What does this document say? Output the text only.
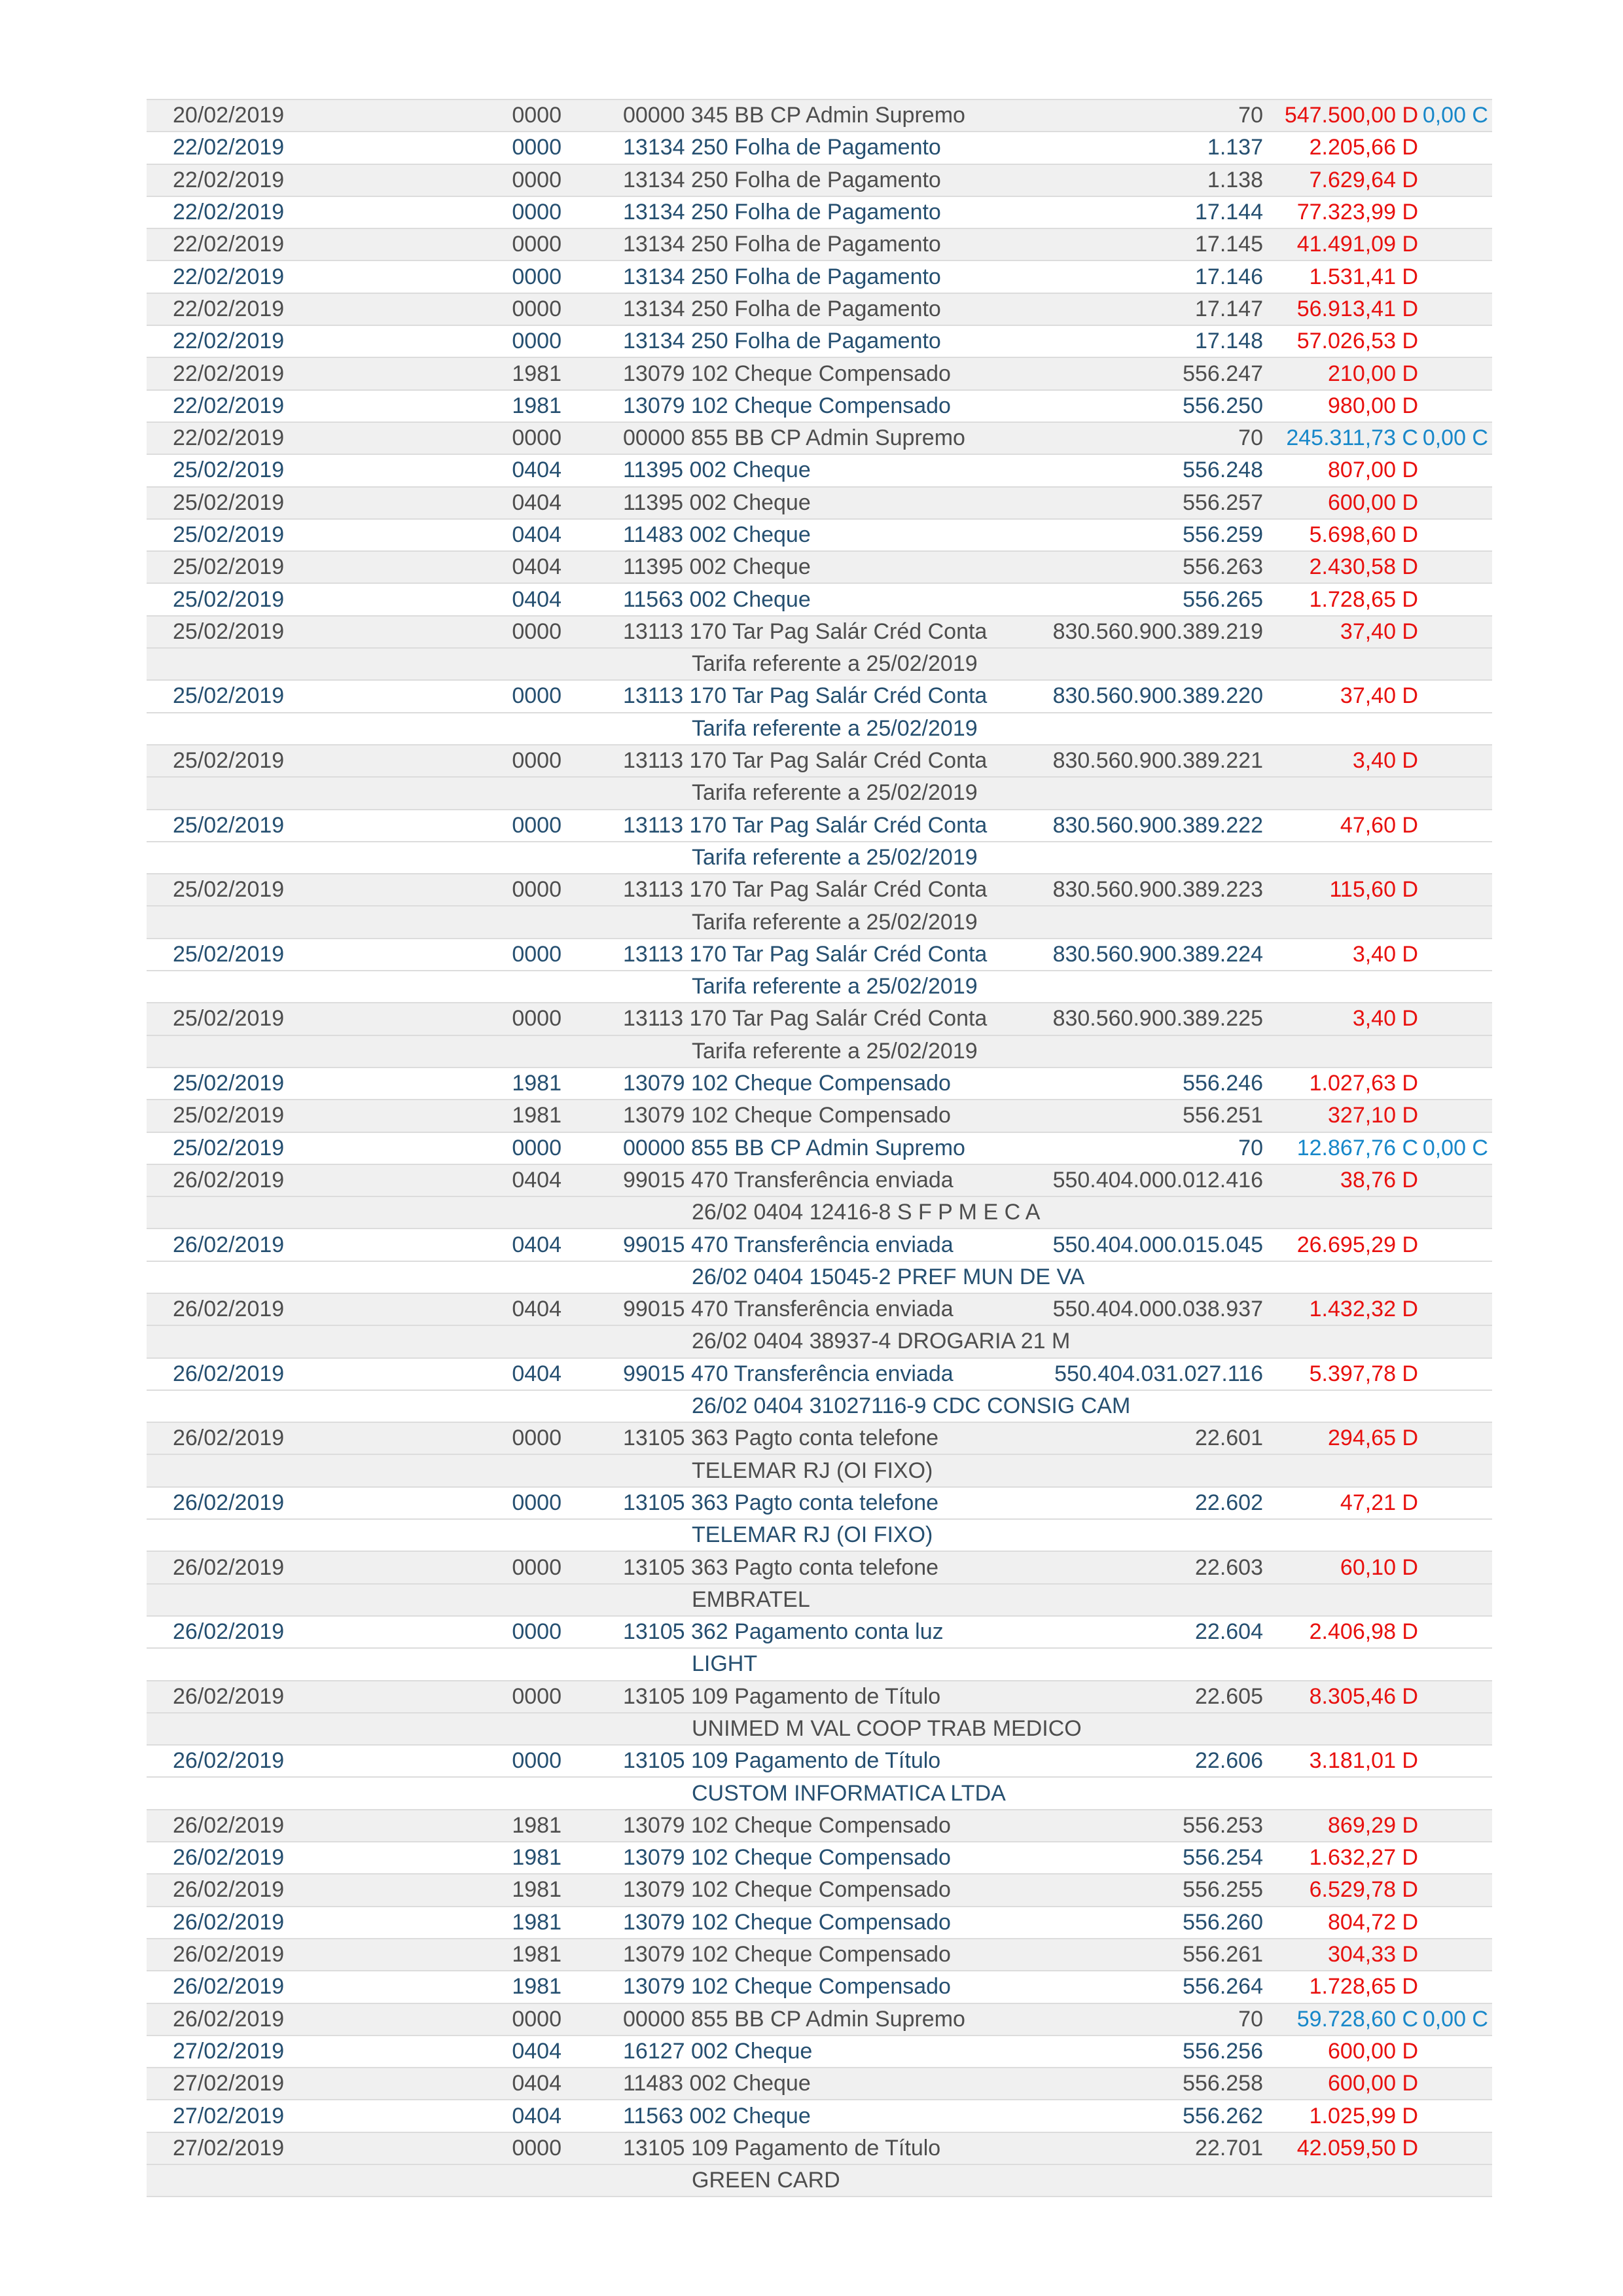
20/02/2019	0000	00000 345 BB CP Admin Supremo	70 547.500,00 D 0,00 C
22/02/2019	0000	13134 250 Folha de Pagamento	1.137	2.205,66 D
22/02/2019	0000	13134 250 Folha de Pagamento	1.138	7.629,64 D
22/02/2019	0000	13134 250 Folha de Pagamento	17.144	77.323,99 D
22/02/2019	0000	13134 250 Folha de Pagamento	17.145	41.491,09 D
22/02/2019	0000	13134 250 Folha de Pagamento	17.146	1.531,41 D
22/02/2019	0000	13134 250 Folha de Pagamento	17.147	56.913,41 D
22/02/2019	0000	13134 250 Folha de Pagamento	17.148	57.026,53 D
22/02/2019	1981	13079 102 Cheque Compensado	556.247	210,00 D
22/02/2019	1981	13079 102 Cheque Compensado	556.250	980,00 D
22/02/2019	0000	00000 855 BB CP Admin Supremo	70	245.311,73 C 0,00 C
25/02/2019	0404	11395 002 Cheque	556.248	807,00 D
25/02/2019	0404	11395 002 Cheque	556.257	600,00 D
25/02/2019	0404	11483 002 Cheque	556.259	5.698,60 D
25/02/2019	0404	11395 002 Cheque	556.263	2.430,58 D
25/02/2019	0404	11563 002 Cheque	556.265	1.728,65 D
25/02/2019	0000	13113 170 Tar Pag Salár Créd Conta	830.560.900.389.219	37,40 D
Tarifa referente a 25/02/2019
25/02/2019	0000	13113 170 Tar Pag Salár Créd Conta	830.560.900.389.220	37,40 D
Tarifa referente a 25/02/2019
25/02/2019	0000	13113 170 Tar Pag Salár Créd Conta	830.560.900.389.221	3,40 D
Tarifa referente a 25/02/2019
25/02/2019	0000	13113 170 Tar Pag Salár Créd Conta	830.560.900.389.222	47,60 D
Tarifa referente a 25/02/2019
25/02/2019	0000	13113 170 Tar Pag Salár Créd Conta	830.560.900.389.223	115,60 D
Tarifa referente a 25/02/2019
25/02/2019	0000	13113 170 Tar Pag Salár Créd Conta	830.560.900.389.224	3,40 D
Tarifa referente a 25/02/2019
25/02/2019	0000	13113 170 Tar Pag Salár Créd Conta	830.560.900.389.225	3,40 D
Tarifa referente a 25/02/2019
25/02/2019	1981	13079 102 Cheque Compensado	556.246	1.027,63 D
25/02/2019	1981	13079 102 Cheque Compensado	556.251	327,10 D
25/02/2019	0000	00000 855 BB CP Admin Supremo	70	12.867,76 C 0,00 C
26/02/2019	0404	99015 470 Transferência enviada	550.404.000.012.416	38,76 D
26/02 0404 12416-8 S F P M E C A
26/02/2019	0404	99015 470 Transferência enviada	550.404.000.015.045	26.695,29 D
26/02 0404 15045-2 PREF MUN DE VA
26/02/2019	0404	99015 470 Transferência enviada	550.404.000.038.937	1.432,32 D
26/02 0404 38937-4 DROGARIA 21 M
26/02/2019	0404	99015 470 Transferência enviada	550.404.031.027.116	5.397,78 D
26/02 0404 31027116-9 CDC CONSIG CAM
26/02/2019	0000	13105 363 Pagto conta telefone	22.601	294,65 D
TELEMAR RJ (OI FIXO)
26/02/2019	0000	13105 363 Pagto conta telefone	22.602	47,21 D
TELEMAR RJ (OI FIXO)
26/02/2019	0000	13105 363 Pagto conta telefone	22.603	60,10 D
EMBRATEL
26/02/2019	0000	13105 362 Pagamento conta luz	22.604	2.406,98 D
LIGHT
26/02/2019	0000	13105 109 Pagamento de Título	22.605	8.305,46 D
UNIMED M VAL COOP TRAB MEDICO
26/02/2019	0000	13105 109 Pagamento de Título	22.606	3.181,01 D
CUSTOM INFORMATICA LTDA
26/02/2019	1981	13079 102 Cheque Compensado	556.253	869,29 D
26/02/2019	1981	13079 102 Cheque Compensado	556.254	1.632,27 D
26/02/2019	1981	13079 102 Cheque Compensado	556.255	6.529,78 D
26/02/2019	1981	13079 102 Cheque Compensado	556.260	804,72 D
26/02/2019	1981	13079 102 Cheque Compensado	556.261	304,33 D
26/02/2019	1981	13079 102 Cheque Compensado	556.264	1.728,65 D
26/02/2019	0000	00000 855 BB CP Admin Supremo	70	59.728,60 C 0,00 C
27/02/2019	0404	16127 002 Cheque	556.256	600,00 D
27/02/2019	0404	11483 002 Cheque	556.258	600,00 D
27/02/2019	0404	11563 002 Cheque	556.262	1.025,99 D
27/02/2019	0000	13105 109 Pagamento de Título	22.701	42.059,50 D
GREEN CARD
